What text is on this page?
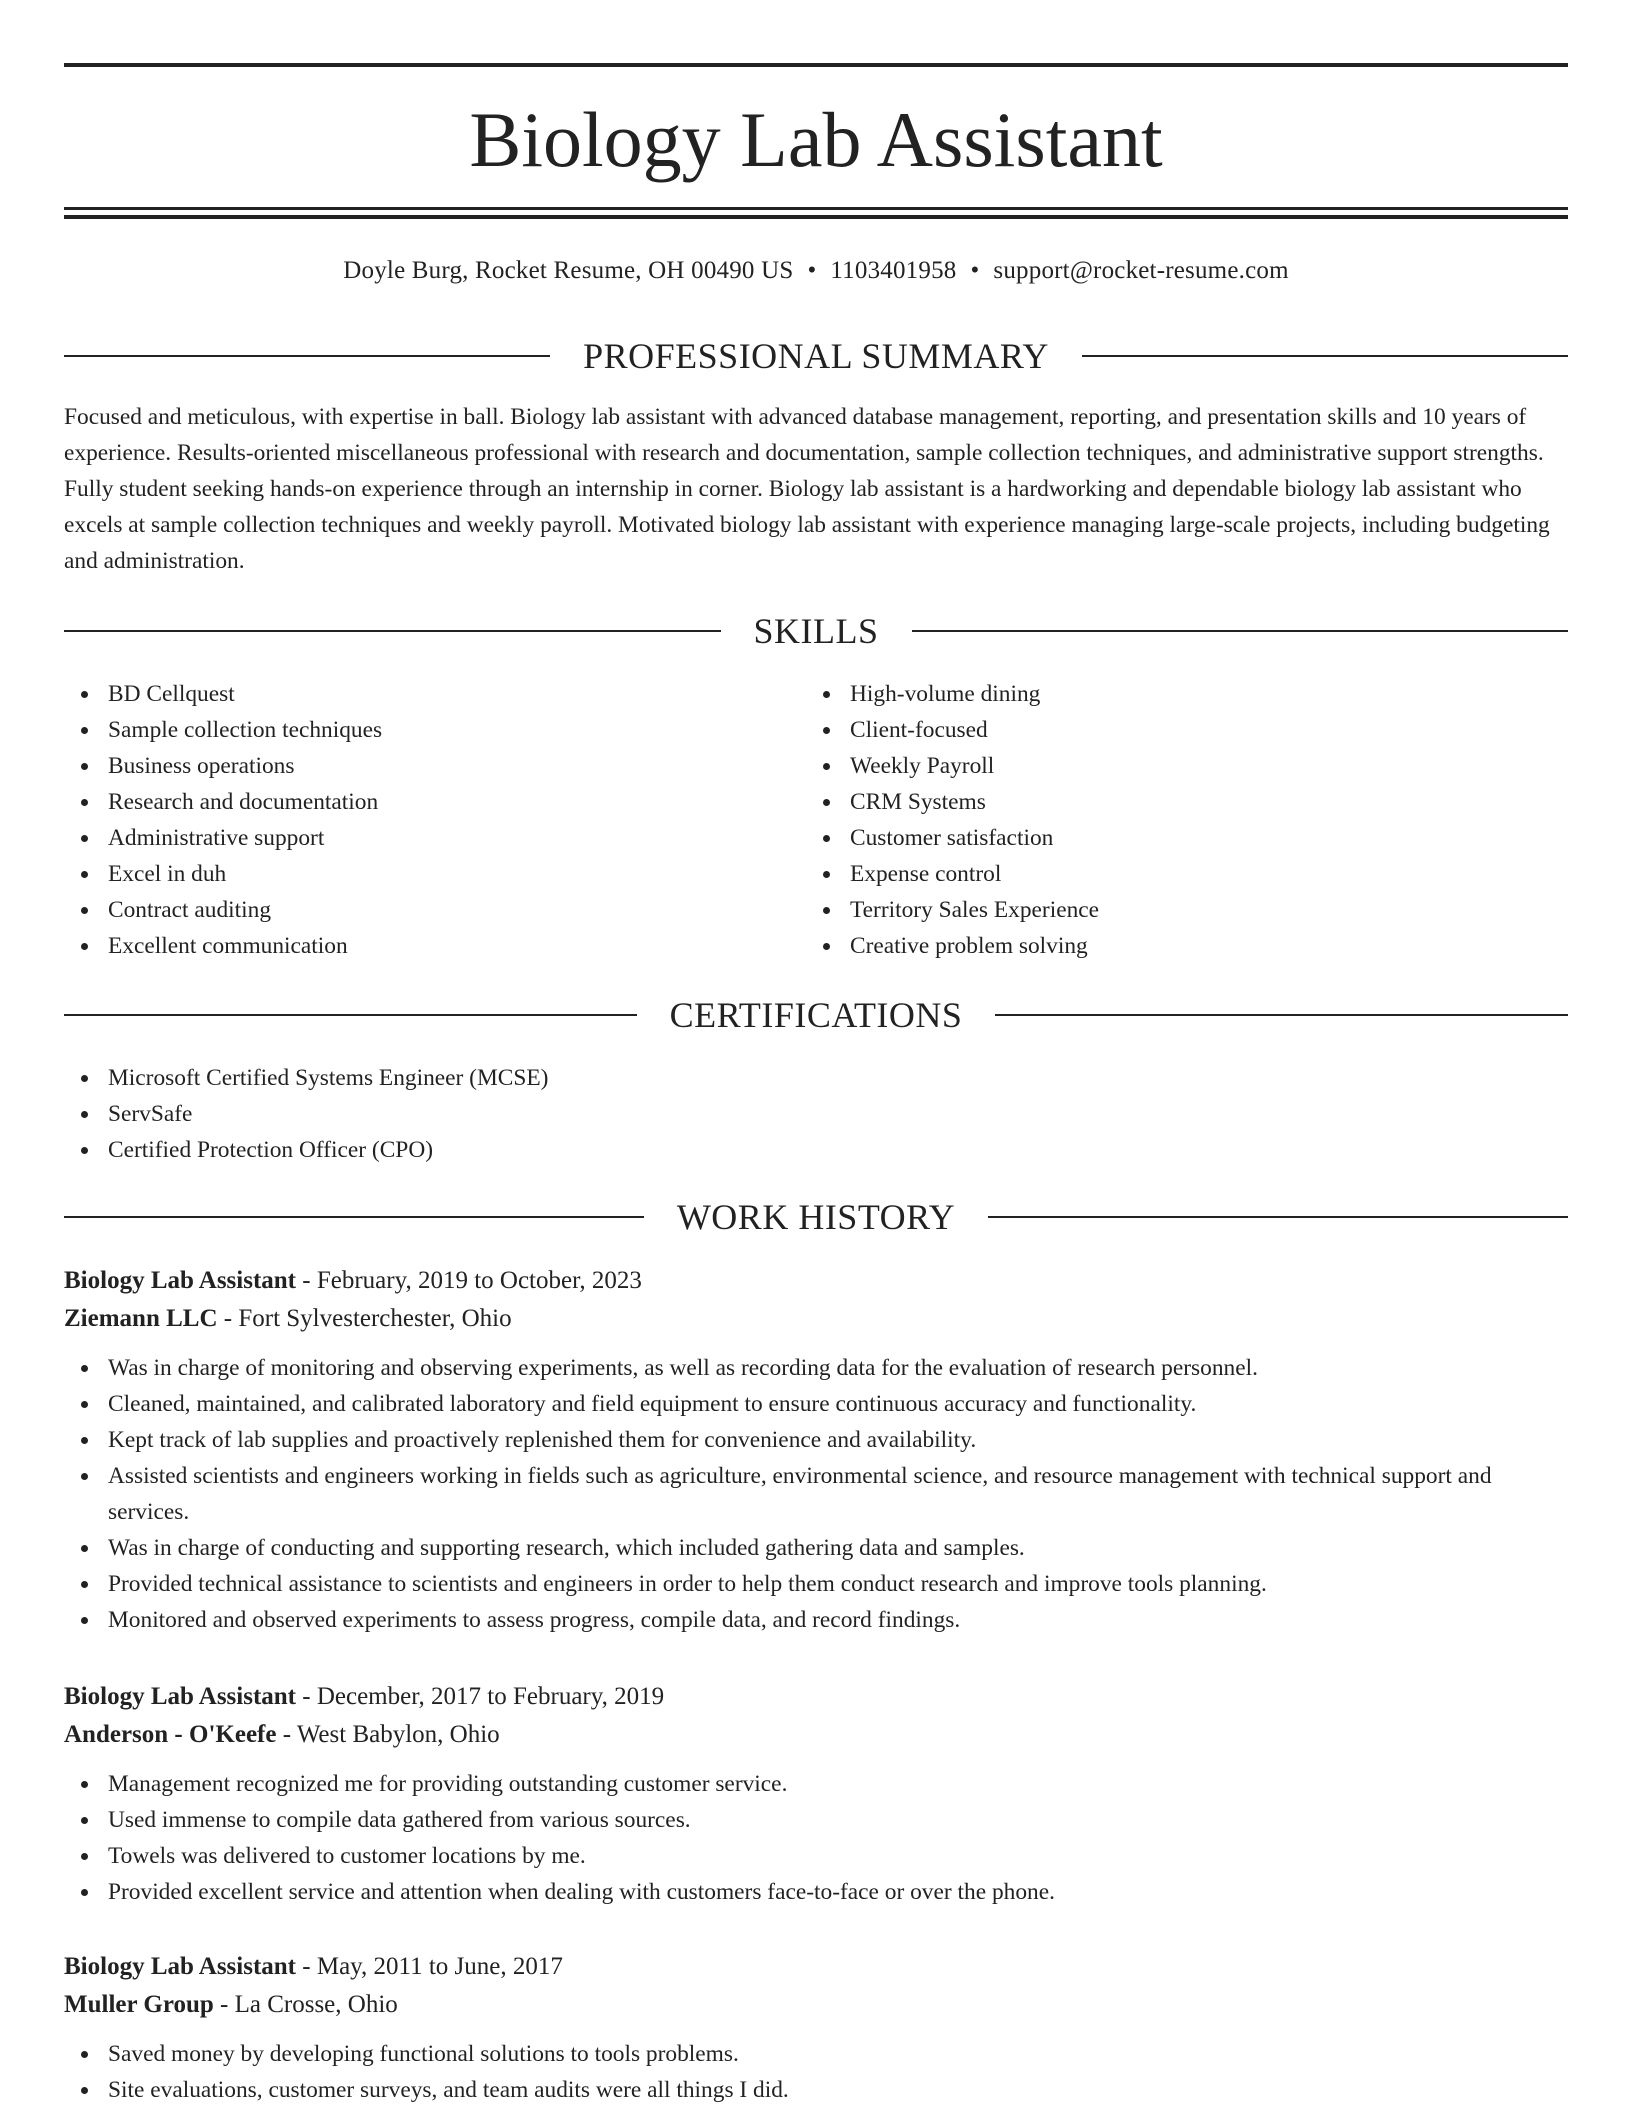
Biology Lab Assistant
Doyle Burg, Rocket Resume, OH 00490 US • 1103401958 • support@rocket-resume.com
PROFESSIONAL SUMMARY

Focused and meticulous, with expertise in ball. Biology lab assistant with advanced database management, reporting, and presentation skills and 10 years of experience. Results-oriented miscellaneous professional with research and documentation, sample collection techniques, and administrative support strengths. Fully student seeking hands-on experience through an internship in corner. Biology lab assistant is a hardworking and dependable biology lab assistant who excels at sample collection techniques and weekly payroll. Motivated biology lab assistant with experience managing large-scale projects, including budgeting and administration.

SKILLS
BD Cellquest
Sample collection techniques
Business operations
Research and documentation
Administrative support
Excel in duh
Contract auditing
Excellent communication
High-volume dining
Client-focused
Weekly Payroll
CRM Systems
Customer satisfaction
Expense control
Territory Sales Experience
Creative problem solving
CERTIFICATIONS
Microsoft Certified Systems Engineer (MCSE)
ServSafe
Certified Protection Officer (CPO)
WORK HISTORY
Biology Lab Assistant - February, 2019 to October, 2023
Ziemann LLC - Fort Sylvesterchester, Ohio
Was in charge of monitoring and observing experiments, as well as recording data for the evaluation of research personnel.
Cleaned, maintained, and calibrated laboratory and field equipment to ensure continuous accuracy and functionality.
Kept track of lab supplies and proactively replenished them for convenience and availability.
Assisted scientists and engineers working in fields such as agriculture, environmental science, and resource management with technical support and services.
Was in charge of conducting and supporting research, which included gathering data and samples.
Provided technical assistance to scientists and engineers in order to help them conduct research and improve tools planning.
Monitored and observed experiments to assess progress, compile data, and record findings.
Biology Lab Assistant - December, 2017 to February, 2019
Anderson - O'Keefe - West Babylon, Ohio
Management recognized me for providing outstanding customer service.
Used immense to compile data gathered from various sources.
Towels was delivered to customer locations by me.
Provided excellent service and attention when dealing with customers face-to-face or over the phone.
Biology Lab Assistant - May, 2011 to June, 2017
Muller Group - La Crosse, Ohio
Saved money by developing functional solutions to tools problems.
Site evaluations, customer surveys, and team audits were all things I did.
